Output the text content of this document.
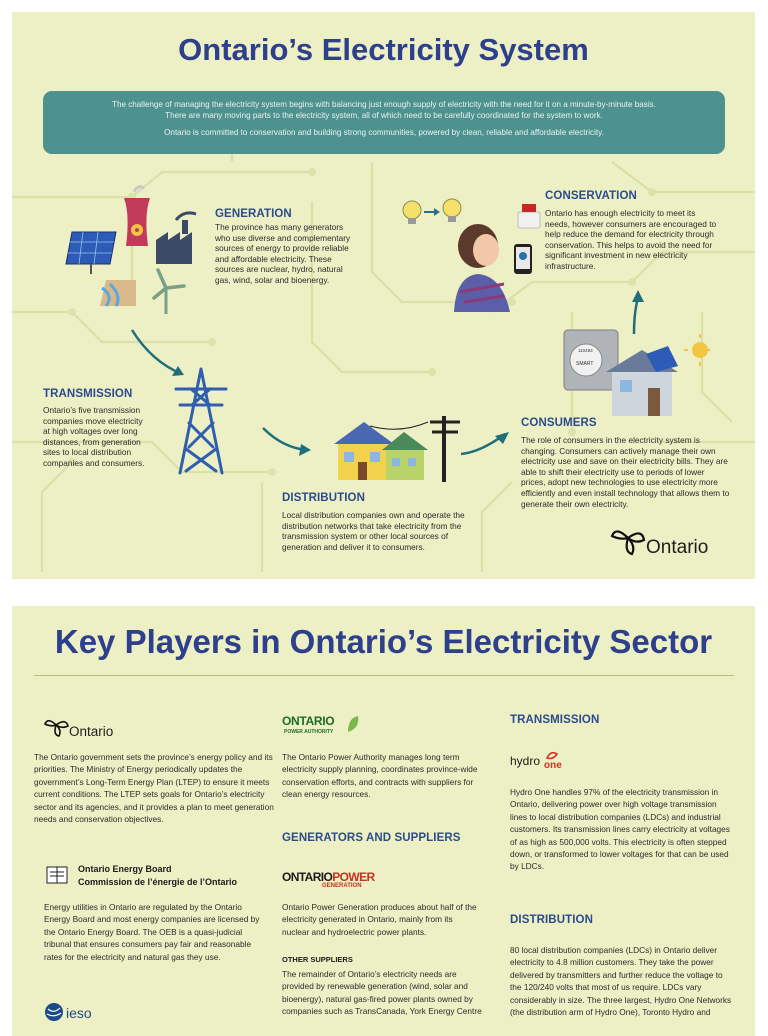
Ontario’s Electricity System

The challenge of managing the electricity system begins with balancing just enough supply of electricity with the need for it on a minute-by-minute basis.

There are many moving parts to the electricity system, all of which need to be carefully coordinated for the system to work.

Ontario is committed to conservation and building strong communities, powered by clean, reliable and affordable electricity.

GENERATION
The province has many generators who use diverse and complementary sources of energy to provide reliable and affordable electricity. These sources are nuclear, hydro, natural gas, wind, solar and bioenergy.
TRANSMISSION
Ontario’s five transmission companies move electricity at high voltages over long distances, from generation sites to local distribution companies and consumers.
DISTRIBUTION
Local distribution companies own and operate the distribution networks that take electricity from the transmission system or other local sources of generation and deliver it to consumers.
CONSERVATION
Ontario has enough electricity to meet its needs, however consumers are encouraged to help reduce the demand for electricity through conservation. This helps to avoid the need for significant investment in new electricity infrastructure.
110493
SMART
CONSUMERS
The role of consumers in the electricity system is changing. Consumers can actively manage their own electricity use and save on their electricity bills. They are able to shift their electricity use to periods of lower prices, adopt new technologies to use electricity more efficiently and even install technology that allows them to generate their own electricity.
Ontario
Key Players in Ontario’s Electricity Sector
Ontario
The Ontario government sets the province’s energy policy and its priorities. The Ministry of Energy periodically updates the government’s Long-Term Energy Plan (LTEP) to ensure it meets current conditions. The LTEP sets goals for Ontario’s electricity sector and its agencies, and it provides a plan to meet generation needs and conservation objectives.
Ontario Energy Board
Commission de l’énergie de l’Ontario
Energy utilities in Ontario are regulated by the Ontario Energy Board and most energy companies are licensed by the Ontario Energy Board. The OEB is a quasi-judicial tribunal that ensures consumers pay fair and reasonable rates for the electricity and natural gas they use.
ieso
ONTARIO
POWER AUTHORITY
The Ontario Power Authority manages long term electricity supply planning, coordinates province-wide conservation efforts, and contracts with suppliers for clean energy resources.
GENERATORS AND SUPPLIERS
ONTARIOPOWER
GENERATION
Ontario Power Generation produces about half of the electricity generated in Ontario, mainly from its nuclear and hydroelectric power plants.
OTHER SUPPLIERS
The remainder of Ontario’s electricity needs are provided by renewable generation (wind, solar and bioenergy), natural gas-fired power plants owned by companies such as TransCanada, York Energy Centre
TRANSMISSION
hydro one
Hydro One handles 97% of the electricity transmission in Ontario, delivering power over high voltage transmission lines to local distribution companies (LDCs) and industrial customers. Its transmission lines carry electricity at voltages of as high as 500,000 volts. This electricity is often stepped down, or transformed to lower voltages for that can be used by LDCs.
DISTRIBUTION
80 local distribution companies (LDCs) in Ontario deliver electricity to 4.8 million customers. They take the power delivered by transmitters and further reduce the voltage to the 120/240 volts that most of us require. LDCs vary considerably in size. The three largest, Hydro One Networks (the distribution arm of Hydro One), Toronto Hydro and
